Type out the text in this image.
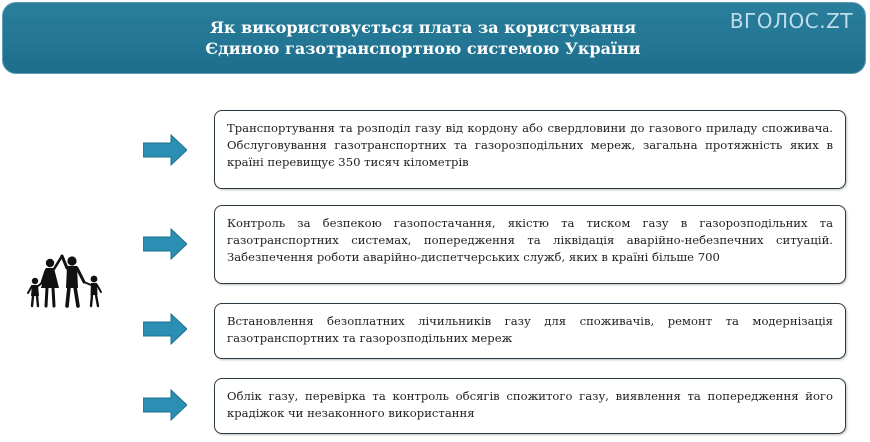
Як використовується плата за користування
Єдиною газотранспортною системою України

ВГОЛОС.ZT

Транспортування та розподіл газу від кордону або свердловини до газового приладу споживача. Обслуговування газотранспортних та газорозподільних мереж, загальна протяжність яких в країні перевищує 350 тисяч кілометрів

Контроль за безпекою газопостачання, якістю та тиском газу в газорозподільних та газотранспортних системах, попередження та ліквідація аварійно-небезпечних ситуацій. Забезпечення роботи аварійно-диспетчерських служб, яких в країні більше 700

Встановлення безоплатних лічильників газу для споживачів, ремонт та модернізація газотранспортних та газорозподільних мереж

Облік газу, перевірка та контроль обсягів спожитого газу, виявлення та попередження його крадіжок чи незаконного використання
